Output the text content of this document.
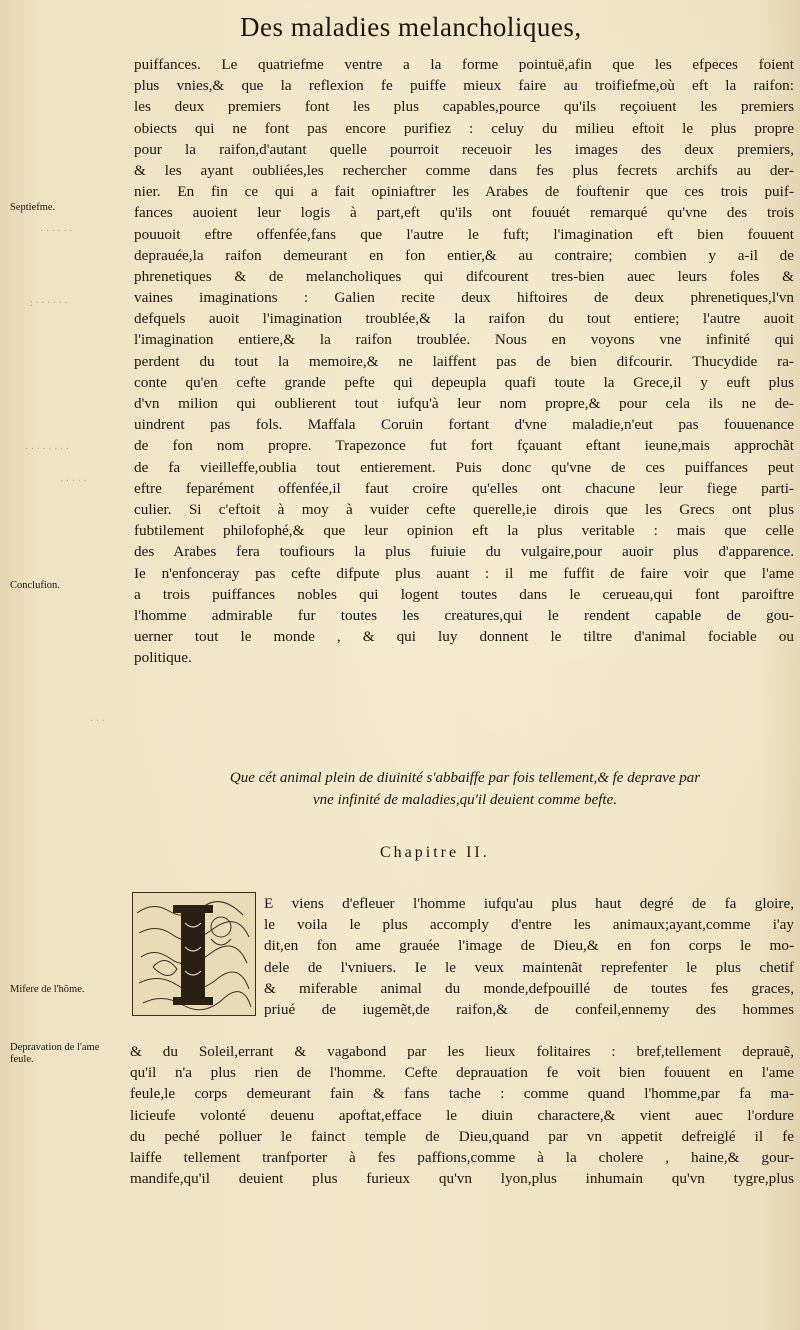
Des maladies melancholiques,
Septiefme.
Conclufion.
Mifere de l'hõme.
Depravation de l'ame feule.
· · · · · ·
: · · · · · ·
· · · · · · · ·
· · · · ·
· · ·
puiffances. Le quatriefme ventre a la forme pointuë,afin que les efpeces foient
plus vnies,& que la reflexion fe puiffe mieux faire au troifiefme,où eft la raifon:
les deux premiers font les plus capables,pource qu'ils reçoiuent les premiers
obiects qui ne font pas encore purifiez : celuy du milieu eftoit le plus propre
pour la raifon,d'autant quelle pourroit receuoir les images des deux premiers,
& les ayant oubliées,les rechercher comme dans fes plus fecrets archifs au der-
nier. En fin ce qui a fait opiniaftrer les Arabes de fouftenir que ces trois puif-
fances auoient leur logis à part,eft qu'ils ont fouuét remarqué qu'vne des trois
pouuoit eftre offenfée,fans que l'autre le fuft; l'imagination eft bien fouuent
deprauée,la raifon demeurant en fon entier,& au contraire; combien y a-il de
phrenetiques & de melancholiques qui difcourent tres-bien auec leurs foles &
vaines imaginations : Galien recite deux hiftoires de deux phrenetiques,l'vn
defquels auoit l'imagination troublée,& la raifon du tout entiere; l'autre auoit
l'imagination entiere,& la raifon troublée. Nous en voyons vne infinité qui
perdent du tout la memoire,& ne laiffent pas de bien difcourir. Thucydide ra-
conte qu'en cefte grande pefte qui depeupla quafi toute la Grece,il y euft plus
d'vn milion qui oublierent tout iufqu'à leur nom propre,& pour cela ils ne de-
uindrent pas fols. Maffala Coruin fortant d'vne maladie,n'eut pas fouuenance
de fon nom propre. Trapezonce fut fort fçauant eftant ieune,mais approchãt
de fa vieilleffe,oublia tout entierement. Puis donc qu'vne de ces puiffances peut
eftre feparément offenfée,il faut croire qu'elles ont chacune leur fiege parti-
culier. Si c'eftoit à moy à vuider cefte querelle,ie dirois que les Grecs ont plus
fubtilement philofophé,& que leur opinion eft la plus veritable : mais que celle
des Arabes fera toufiours la plus fuiuie du vulgaire,pour auoir plus d'apparence.
Ie n'enfonceray pas cefte difpute plus auant : il me fuffit de faire voir que l'ame
a trois puiffances nobles qui logent toutes dans le cerueau,qui font paroiftre
l'homme admirable fur toutes les creatures,qui le rendent capable de gou-
uerner tout le monde , & qui luy donnent le tiltre d'animal fociable ou
politique.
Que cét animal plein de diuinité s'abbaiffe par fois tellement,& fe deprave par
vne infinité de maladies,qu'il deuient comme befte.
Chapitre II.
E viens d'efleuer l'homme iufqu'au plus haut degré de fa gloire,
le voila le plus accomply d'entre les animaux;ayant,comme i'ay
dit,en fon ame grauée l'image de Dieu,& en fon corps le mo-
dele de l'vniuers. Ie le veux maintenãt reprefenter le plus chetif
& miferable animal du monde,defpouillé de toutes fes graces,
priué de iugemẽt,de raifon,& de confeil,ennemy des hommes
& du Soleil,errant & vagabond par les lieux folitaires : bref,tellement deprauẽ,
qu'il n'a plus rien de l'homme. Cefte deprauation fe voit bien fouuent en l'ame
feule,le corps demeurant fain & fans tache : comme quand l'homme,par fa ma-
licieufe volonté deuenu apoftat,efface le diuin charactere,& vient auec l'ordure
du peché polluer le fainct temple de Dieu,quand par vn appetit defreiglé il fe
laiffe tellement tranfporter à fes paffions,comme à la cholere , haine,& gour-
mandife,qu'il deuient plus furieux qu'vn lyon,plus inhumain qu'vn tygre,plus
